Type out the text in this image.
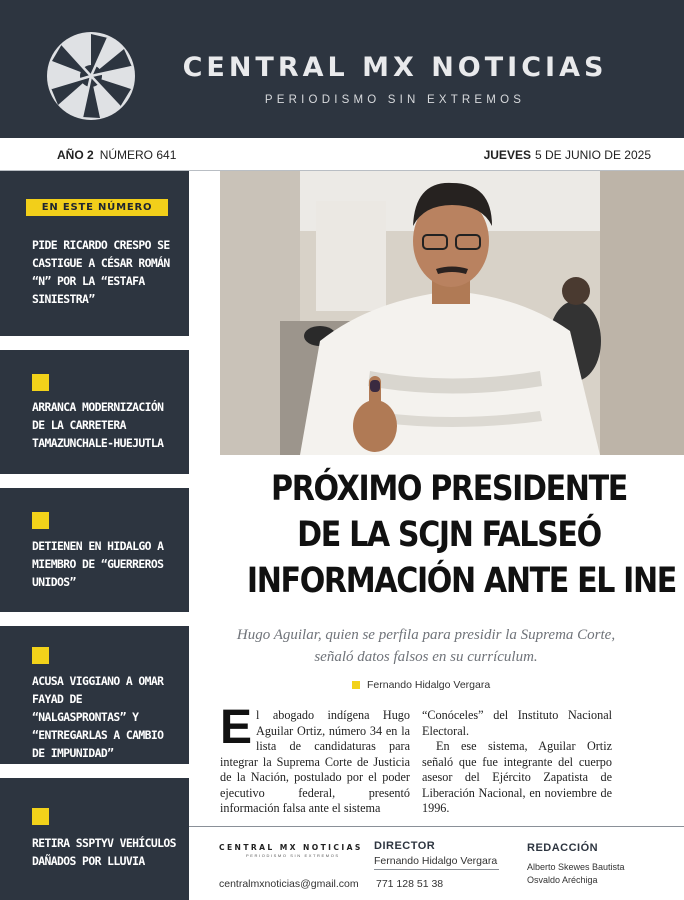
CENTRAL MX NOTICIAS
PERIODISMO SIN EXTREMOS
AÑO 2 NÚMERO 641	JUEVES 5 DE JUNIO DE 2025
EN ESTE NÚMERO
PIDE RICARDO CRESPO SE CASTIGUE A CÉSAR ROMÁN “N” POR LA “ESTAFA SINIESTRA”
ARRANCA MODERNIZACIÓN DE LA CARRETERA TAMAZUNCHALE-HUEJUTLA
DETIENEN EN HIDALGO A MIEMBRO DE “GUERREROS UNIDOS”
ACUSA VIGGIANO A OMAR FAYAD DE “NALGASPRONTAS” Y “ENTREGARLAS A CAMBIO DE IMPUNIDAD”
RETIRA SSPTYV VEHÍCULOS DAÑADOS POR LLUVIA
PRÓXIMO PRESIDENTE
DE LA SCJN FALSEÓ
INFORMACIÓN ANTE EL INE
Hugo Aguilar, quien se perfila para presidir la Suprema Corte, señaló datos falsos en su currículum.
Fernando Hidalgo Vergara
El abogado indígena Hugo Aguilar Ortiz, número 34 en la lista de candidaturas para integrar la Suprema Corte de Justicia de la Nación, postulado por el poder ejecutivo federal, presentó información falsa ante el sistema
“Conóceles” del Instituto Nacional Electoral.
En ese sistema, Aguilar Ortiz señaló que fue integrante del cuerpo asesor del Ejército Zapatista de Liberación Nacional, en noviembre de 1996.
CENTRAL MX NOTICIAS
PERIODISMO SIN EXTREMOS
centralmxnoticias@gmail.com
DIRECTOR
Fernando Hidalgo Vergara
771 128 51 38
REDACCIÓN
Alberto Skewes Bautista
Osvaldo Aréchiga
